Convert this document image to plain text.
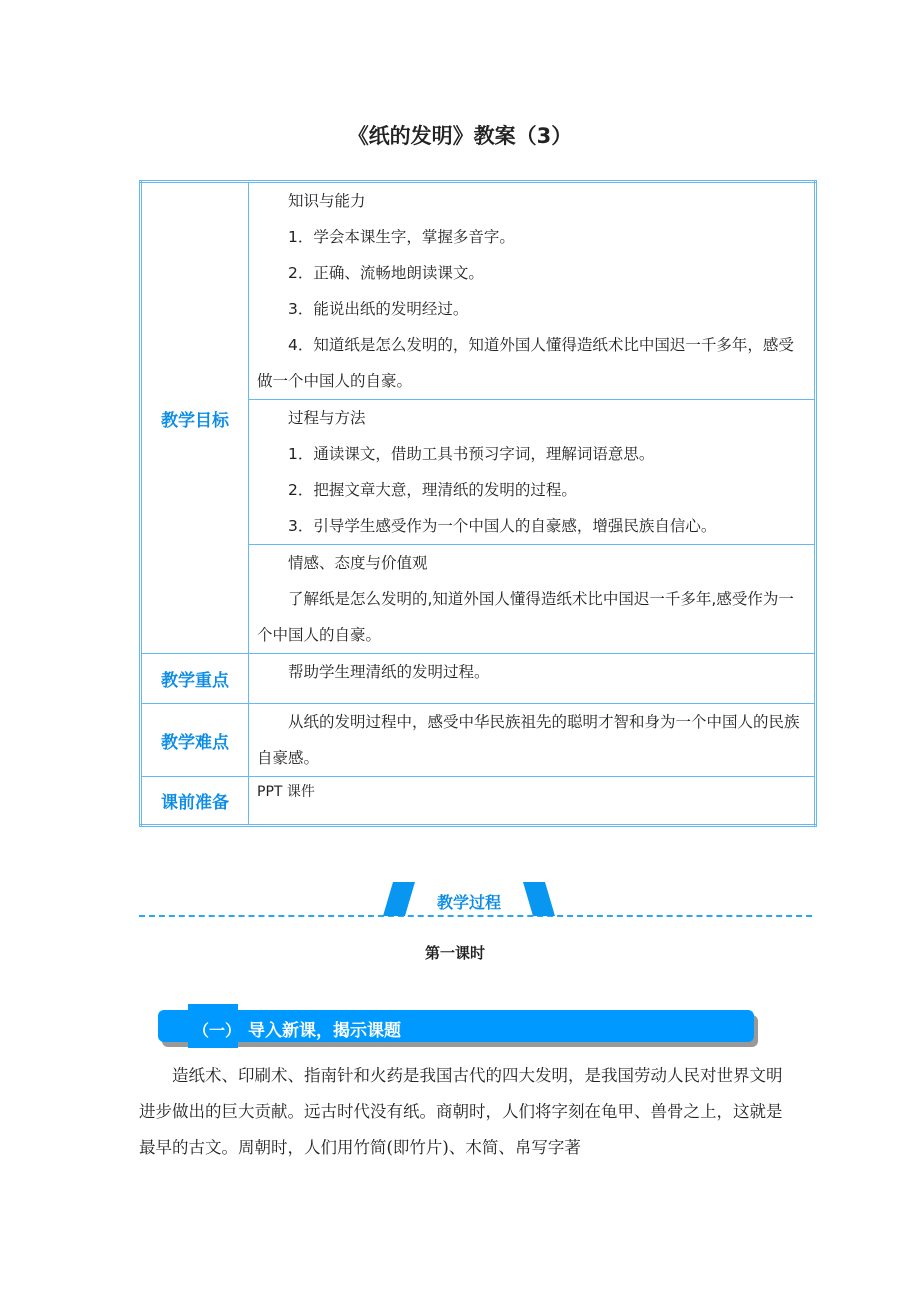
《纸的发明》教案（3）
教学目标	知识与能力
1．学会本课生字，掌握多音字。
2．正确、流畅地朗读课文。
3．能说出纸的发明经过。
4．知道纸是怎么发明的，知道外国人懂得造纸术比中国迟一千多年，感受做一个中国人的自豪。

	过程与方法
1．通读课文，借助工具书预习字词，理解词语意思。
2．把握文章大意，理清纸的发明的过程。
3．引导学生感受作为一个中国人的自豪感，增强民族自信心。

	情感、态度与价值观
了解纸是怎么发明的,知道外国人懂得造纸术比中国迟一千多年,感受作为一个中国人的自豪。

教学重点	帮助学生理清纸的发明过程。

教学难点	从纸的发明过程中，感受中华民族祖先的聪明才智和身为一个中国人的民族自豪感。

课前准备	PPT 课件
教学过程
第一课时
导入新课，揭示课题
（一）
造纸术、印刷术、指南针和火药是我国古代的四大发明，是我国劳动人民对世界文明进步做出的巨大贡献。远古时代没有纸。商朝时，人们将字刻在龟甲、兽骨之上，这就是最早的古文。周朝时，人们用竹简(即竹片)、木简、帛写字著
